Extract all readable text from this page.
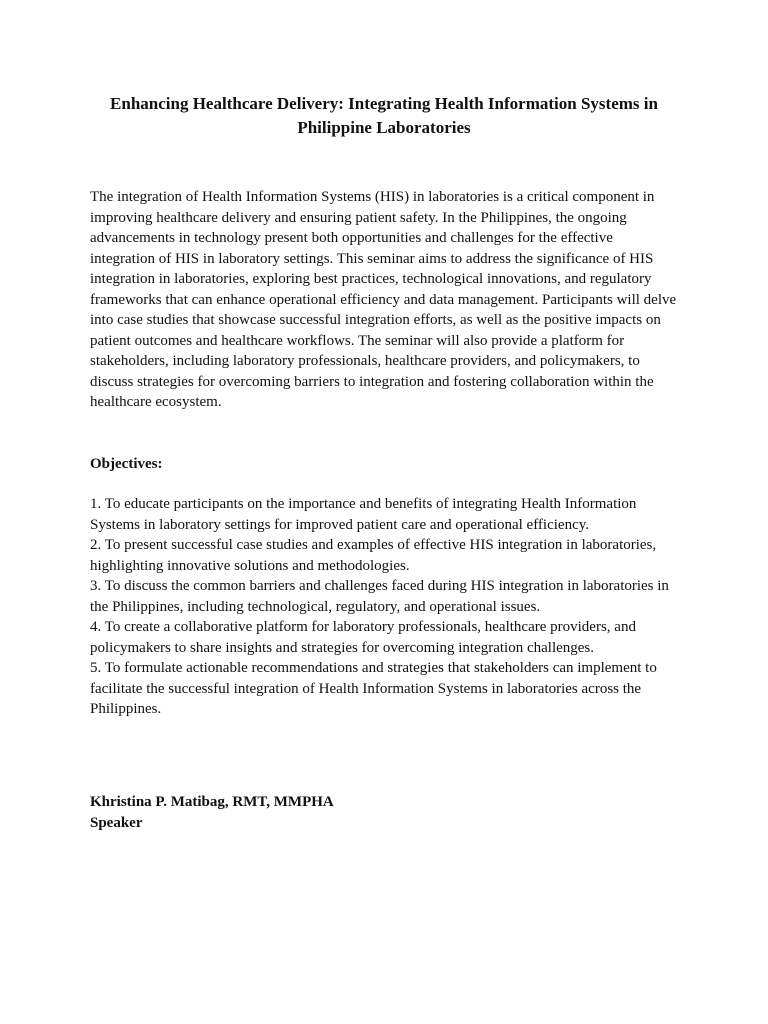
Enhancing Healthcare Delivery: Integrating Health Information Systems in Philippine Laboratories

The integration of Health Information Systems (HIS) in laboratories is a critical component in improving healthcare delivery and ensuring patient safety. In the Philippines, the ongoing advancements in technology present both opportunities and challenges for the effective integration of HIS in laboratory settings. This seminar aims to address the significance of HIS integration in laboratories, exploring best practices, technological innovations, and regulatory frameworks that can enhance operational efficiency and data management. Participants will delve into case studies that showcase successful integration efforts, as well as the positive impacts on patient outcomes and healthcare workflows. The seminar will also provide a platform for stakeholders, including laboratory professionals, healthcare providers, and policymakers, to discuss strategies for overcoming barriers to integration and fostering collaboration within the healthcare ecosystem.

Objectives:

1. To educate participants on the importance and benefits of integrating Health Information Systems in laboratory settings for improved patient care and operational efficiency.
2. To present successful case studies and examples of effective HIS integration in laboratories, highlighting innovative solutions and methodologies.
3. To discuss the common barriers and challenges faced during HIS integration in laboratories in the Philippines, including technological, regulatory, and operational issues.
4. To create a collaborative platform for laboratory professionals, healthcare providers, and policymakers to share insights and strategies for overcoming integration challenges.
5. To formulate actionable recommendations and strategies that stakeholders can implement to facilitate the successful integration of Health Information Systems in laboratories across the Philippines.
Khristina P. Matibag, RMT, MMPHA
Speaker
